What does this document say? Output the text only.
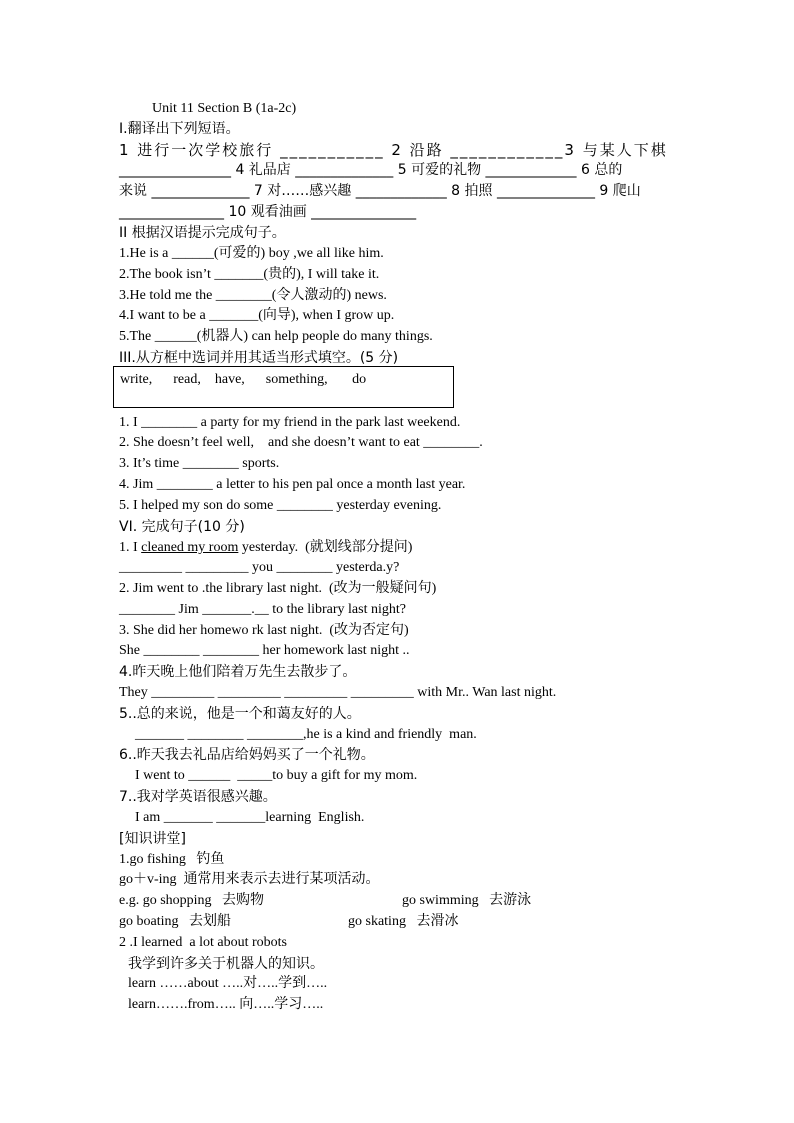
Unit 11 Section B (1a-2c)
I.翻译出下列短语。
1 进行一次学校旅行 ___________ 2 沿路 ____________3 与某人下棋
________________ 4 礼品店 ______________ 5 可爱的礼物 _____________ 6 总的
来说 ______________ 7 对……感兴趣 _____________ 8 拍照 ______________ 9 爬山
_______________ 10 观看油画 _______________
II 根据汉语提示完成句子。
1.He is a ______(可爱的) boy ,we all like him.
2.The book isn’t _______(贵的), I will take it.
3.He told me the ________(令人激动的) news.
4.I want to be a _______(向导), when I grow up.
5.The ______(机器人) can help people do many things.
III.从方框中选词并用其适当形式填空。(5 分)
write,      read,    have,      something,       do
1. I ________ a party for my friend in the park last weekend.
2. She doesn’t feel well,    and she doesn’t want to eat ________.
3. It’s time ________ sports.
4. Jim ________ a letter to his pen pal once a month last year.
5. I helped my son do some ________ yesterday evening.
VI. 完成句子(10 分)
1. I cleaned my room yesterday.  (就划线部分提问)
_________ _________ you ________ yesterda.y?
2. Jim went to .the library last night.  (改为一般疑问句)
________ Jim _______.__ to the library last night?
3. She did her homewo rk last night.  (改为否定句)
She ________ ________ her homework last night ..
4.昨天晚上他们陪着万先生去散步了。
They _________ _________ _________ _________ with Mr.. Wan last night.
5..总的来说，他是一个和蔼友好的人。
_______ ________ ________,he is a kind and friendly  man.
6..昨天我去礼品店给妈妈买了一个礼物。
I went to ______  _____to buy a gift for my mom.
7..我对学英语很感兴趣。
I am _______ _______learning  English.
[知识讲堂]
1.go fishing   钓鱼
go＋v-ing  通常用来表示去进行某项活动。
e.g. go shopping   去购物	go swimming   去游泳
go boating   去划船	go skating   去滑冰
2 .I learned  a lot about robots
我学到许多关于机器人的知识。
learn ……about …..对…..学到…..
learn…….from….. 向…..学习…..
